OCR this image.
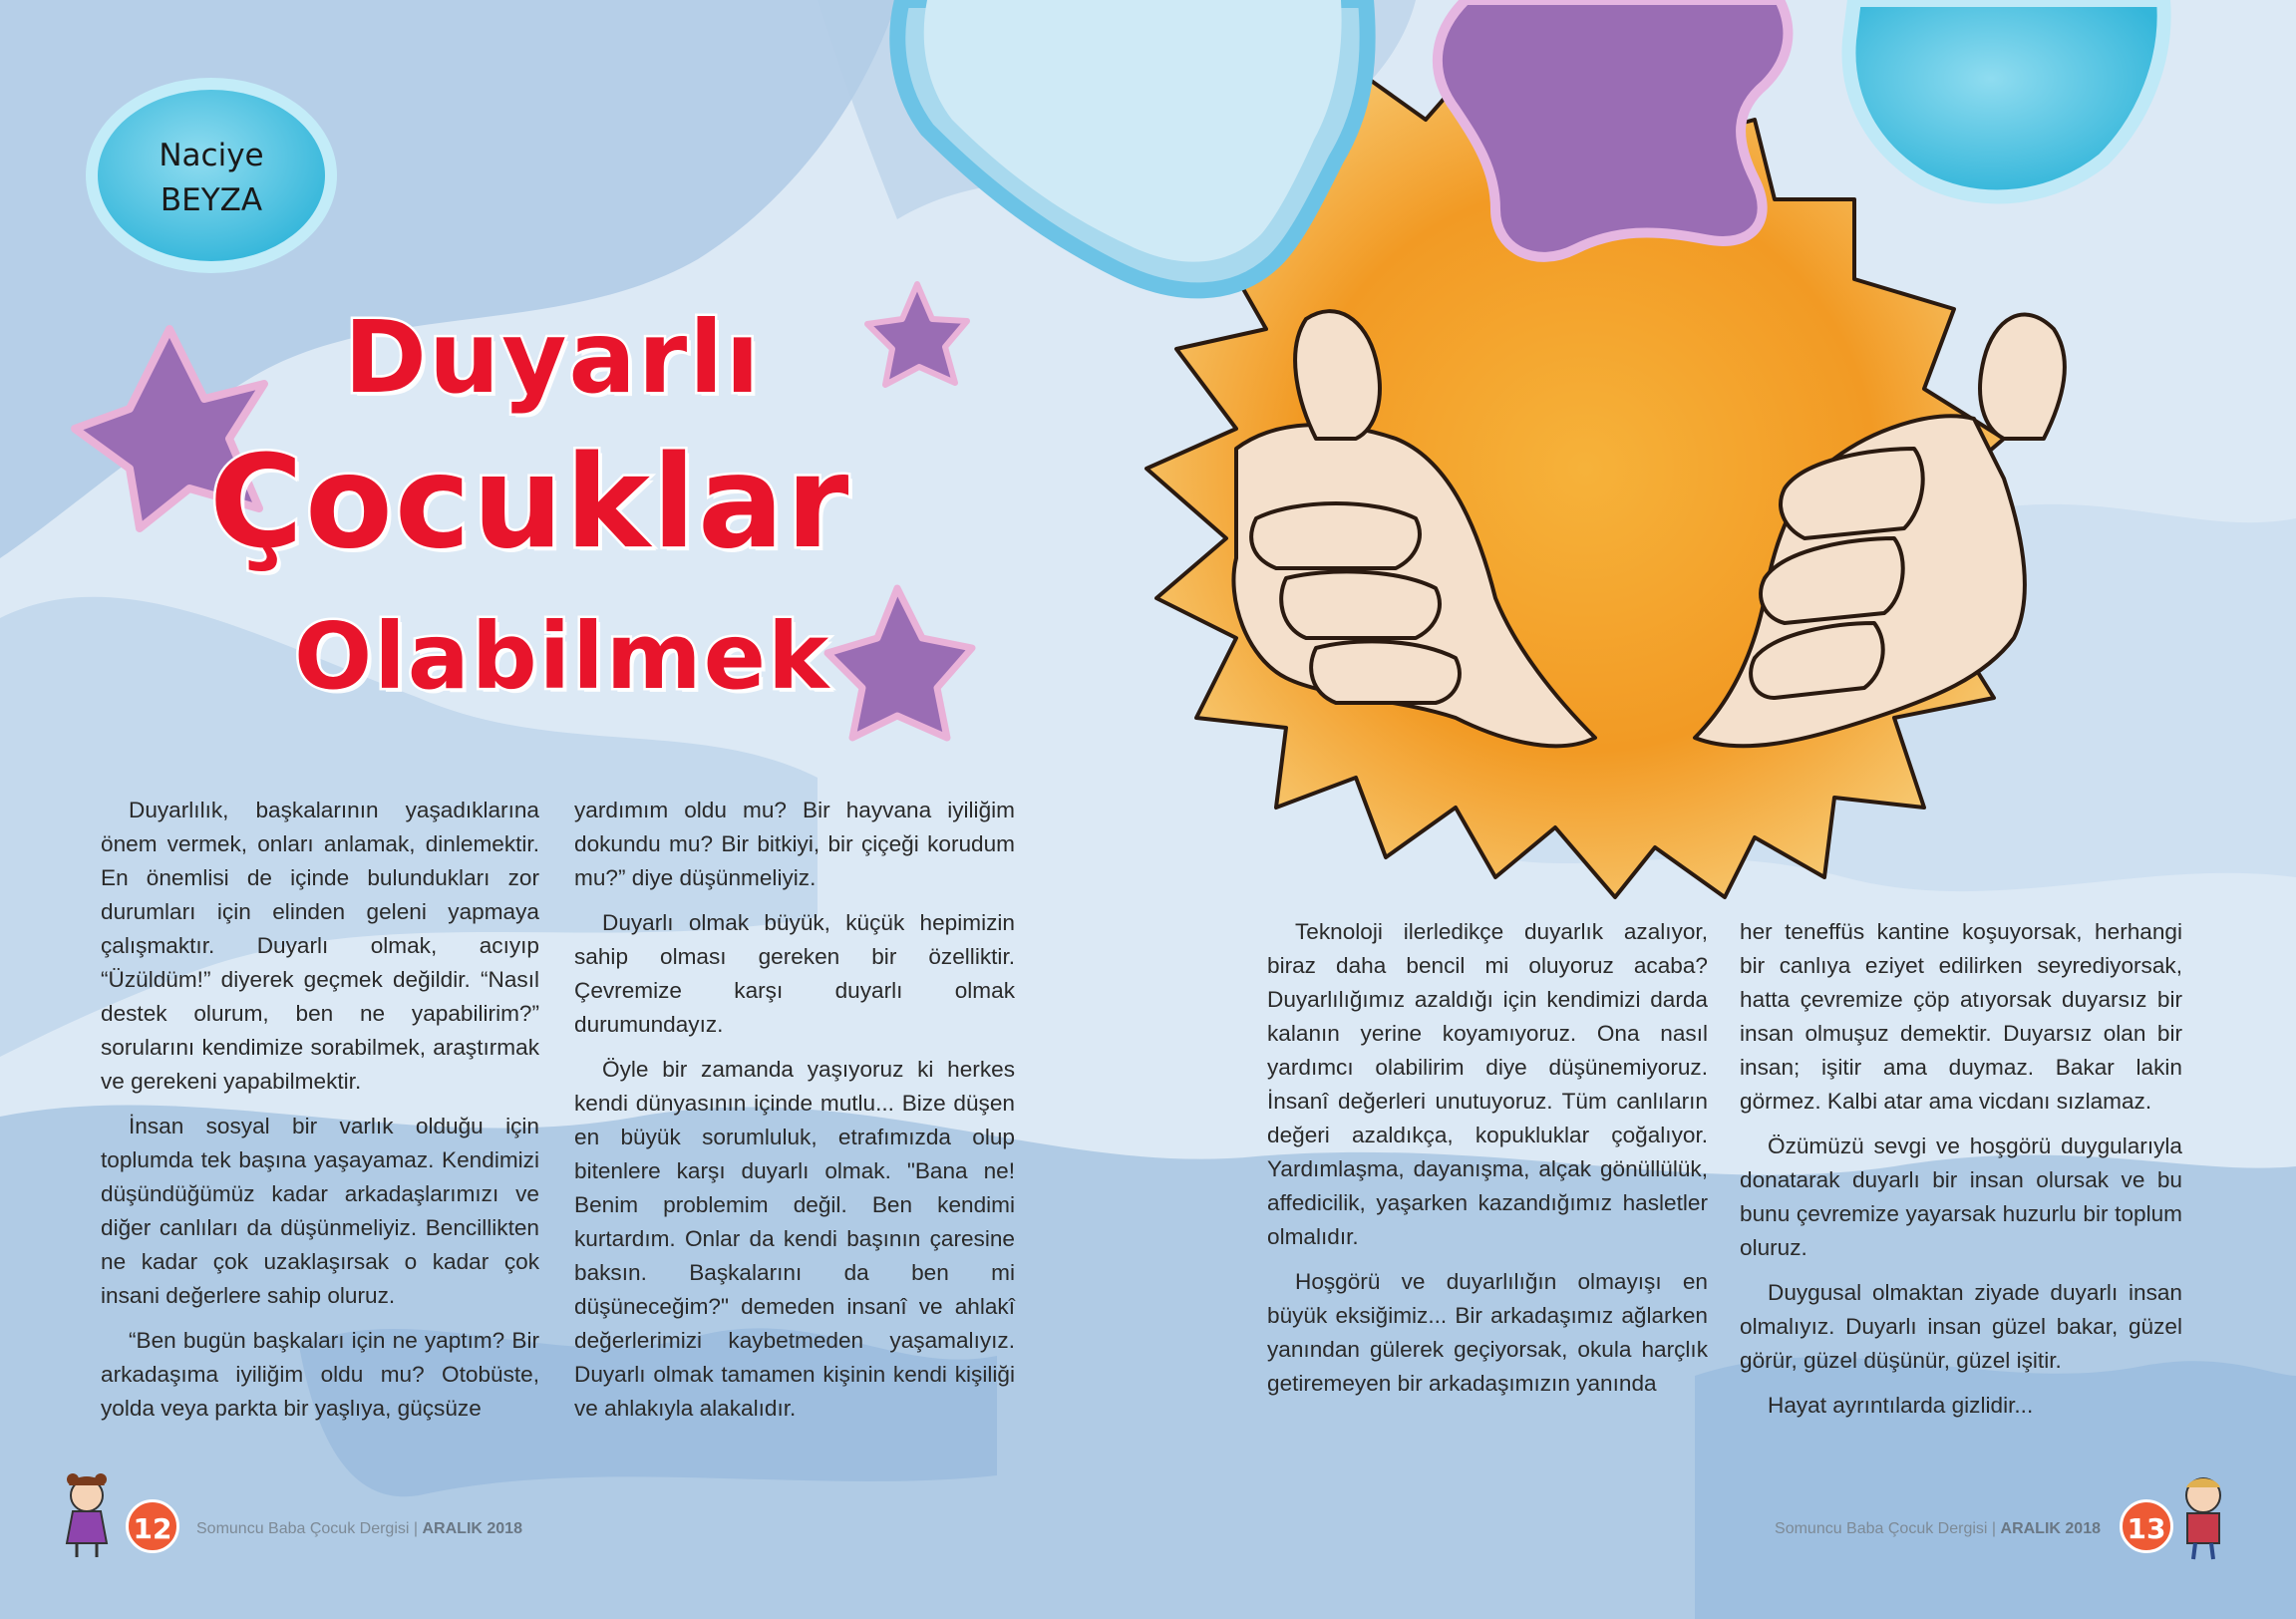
Naciye
BEYZA
Duyarlı
Çocuklar
Olabilmek

Duyarlılık, başkalarının yaşadıklarına önem vermek, onları anlamak, dinlemektir. En önemlisi de içinde bulundukları zor durumları için elinden geleni yapmaya çalışmaktır. Duyarlı olmak, acıyıp “Üzüldüm!” diyerek geçmek değildir. “Nasıl destek olurum, ben ne yapabilirim?” sorularını kendimize sorabilmek, araştırmak ve gerekeni yapabilmektir.

İnsan sosyal bir varlık olduğu için toplumda tek başına yaşayamaz. Kendimizi düşündüğümüz kadar arkadaşlarımızı ve diğer canlıları da düşünmeliyiz. Bencillikten ne kadar çok uzaklaşırsak o kadar çok insani değerlere sahip oluruz.

“Ben bugün başkaları için ne yaptım? Bir arkadaşıma iyiliğim oldu mu? Otobüste, yolda veya parkta bir yaşlıya, güçsüze

yardımım oldu mu? Bir hayvana iyiliğim dokundu mu? Bir bitkiyi, bir çiçeği korudum mu?” diye düşünmeliyiz.

Duyarlı olmak büyük, küçük hepimizin sahip olması gereken bir özelliktir. Çevremize karşı duyarlı olmak durumundayız.

Öyle bir zamanda yaşıyoruz ki herkes kendi dünyasının içinde mutlu... Bize düşen en büyük sorumluluk, etrafımızda olup bitenlere karşı duyarlı olmak. "Bana ne! Benim problemim değil. Ben kendimi kurtardım. Onlar da kendi başının çaresine baksın. Başkalarını da ben mi düşüneceğim?" demeden insanî ve ahlakî değerlerimizi kaybetmeden yaşamalıyız. Duyarlı olmak tamamen kişinin kendi kişiliği ve ahlakıyla alakalıdır.

Teknoloji ilerledikçe duyarlık azalıyor, biraz daha bencil mi oluyoruz acaba? Duyarlılığımız azaldığı için kendimizi darda kalanın yerine koyamıyoruz. Ona nasıl yardımcı olabilirim diye düşünemiyoruz. İnsanî değerleri unutuyoruz. Tüm canlıların değeri azaldıkça, kopukluklar çoğalıyor. Yardımlaşma, dayanışma, alçak gönüllülük, affedicilik, yaşarken kazandığımız hasletler olmalıdır.

Hoşgörü ve duyarlılığın olmayışı en büyük eksiğimiz... Bir arkadaşımız ağlarken yanından gülerek geçiyorsak, okula harçlık getiremeyen bir arkadaşımızın yanında

her teneffüs kantine koşuyorsak, herhangi bir canlıya eziyet edilirken seyrediyorsak, hatta çevremize çöp atıyorsak duyarsız bir insan olmuşuz demektir. Duyarsız olan bir insan; işitir ama duymaz. Bakar lakin görmez. Kalbi atar ama vicdanı sızlamaz.

Özümüzü sevgi ve hoşgörü duygularıyla donatarak duyarlı bir insan olursak ve bu bunu çevremize yayarsak huzurlu bir toplum oluruz.

Duygusal olmaktan ziyade duyarlı insan olmalıyız. Duyarlı insan güzel bakar, güzel görür, güzel düşünür, güzel işitir.

Hayat ayrıntılarda gizlidir...

12	Somuncu Baba Çocuk Dergisi | ARALIK 2018	Somuncu Baba Çocuk Dergisi | ARALIK 2018 13
